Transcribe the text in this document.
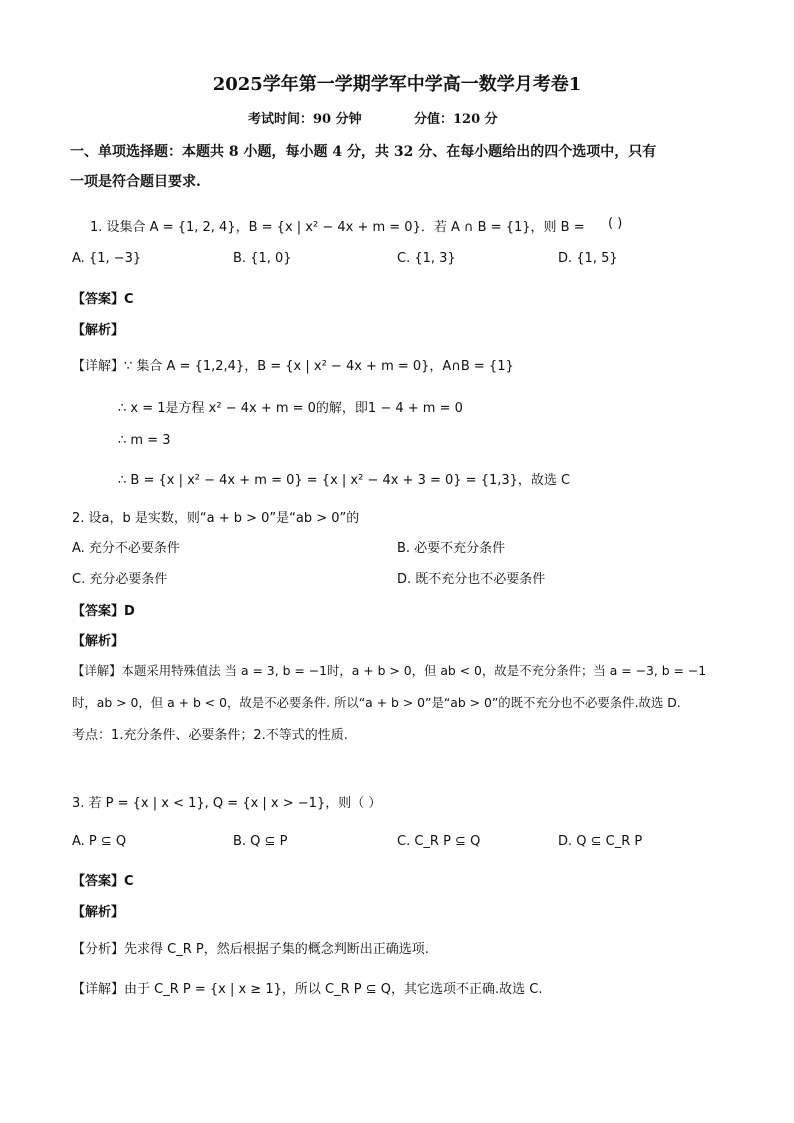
2025学年第一学期学军中学高一数学月考卷1
考试时间：90 分钟	分值：120 分
一、单项选择题：本题共 8 小题，每小题 4 分，共 32 分、在每小题给出的四个选项中，只有
一项是符合题目要求.
1. 设集合 A = {1, 2, 4}，B = {x | x² − 4x + m = 0}．若 A ∩ B = {1}，则 B = ( )
A. {1, −3}	B. {1, 0}	C. {1, 3}	D. {1, 5}
【答案】C
【解析】
【详解】∵ 集合 A = {1,2,4}，B = {x | x² − 4x + m = 0}，A∩B = {1}
∴ x = 1是方程 x² − 4x + m = 0的解，即1 − 4 + m = 0
∴ m = 3
∴ B = {x | x² − 4x + m = 0} = {x | x² − 4x + 3 = 0} = {1,3}，故选 C
2. 设a，b 是实数，则“a + b > 0”是“ab > 0”的
A. 充分不必要条件	B. 必要不充分条件
C. 充分必要条件	D. 既不充分也不必要条件
【答案】D
【解析】
【详解】本题采用特殊值法 当 a = 3, b = −1时，a + b > 0，但 ab < 0，故是不充分条件；当 a = −3, b = −1
时，ab > 0，但 a + b < 0，故是不必要条件. 所以“a + b > 0”是“ab > 0”的既不充分也不必要条件.故选 D.
考点：1.充分条件、必要条件；2.不等式的性质.
3. 若 P = {x | x < 1}, Q = {x | x > −1}，则（ ）
A. P ⊆ Q	B. Q ⊆ P	C. C_R P ⊆ Q	D. Q ⊆ C_R P
【答案】C
【解析】
【分析】先求得 C_R P，然后根据子集的概念判断出正确选项.
【详解】由于 C_R P = {x | x ≥ 1}，所以 C_R P ⊆ Q，其它选项不正确.故选 C.
